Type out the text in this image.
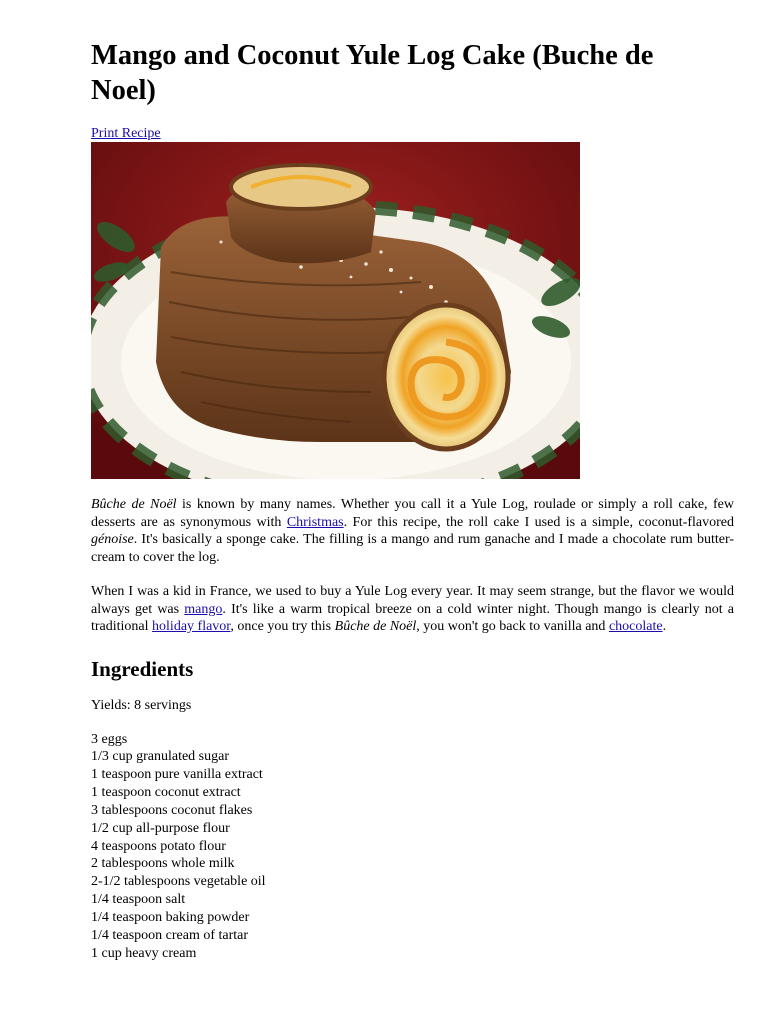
Mango and Coconut Yule Log Cake (Buche de Noel)
Print Recipe

Bûche de Noël is known by many names. Whether you call it a Yule Log, roulade or simply a roll cake, few desserts are as synonymous with Christmas. For this recipe, the roll cake I used is a simple, coconut-flavored génoise. It's basically a sponge cake. The filling is a mango and rum ganache and I made a chocolate rum butter-cream to cover the log.

When I was a kid in France, we used to buy a Yule Log every year. It may seem strange, but the flavor we would always get was mango. It's like a warm tropical breeze on a cold winter night. Though mango is clearly not a traditional holiday flavor, once you try this Bûche de Noël, you won't go back to vanilla and chocolate.

Ingredients
Yields: 8 servings
3 eggs
1/3 cup granulated sugar
1 teaspoon pure vanilla extract
1 teaspoon coconut extract
3 tablespoons coconut flakes
1/2 cup all-purpose flour
4 teaspoons potato flour
2 tablespoons whole milk
2-1/2 tablespoons vegetable oil
1/4 teaspoon salt
1/4 teaspoon baking powder
1/4 teaspoon cream of tartar
1 cup heavy cream
